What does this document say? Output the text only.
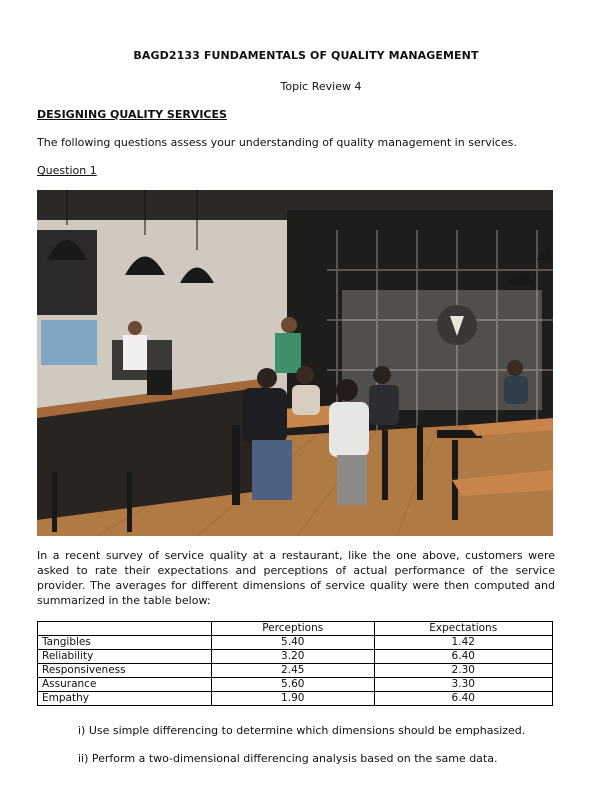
BAGD2133 FUNDAMENTALS OF QUALITY MANAGEMENT
Topic Review 4
DESIGNING QUALITY SERVICES
The following questions assess your understanding of quality management in services.
Question 1
In a recent survey of service quality at a restaurant, like the one above, customers were asked to rate their expectations and perceptions of actual performance of the service provider. The averages for different dimensions of service quality were then computed and summarized in the table below:
	Perceptions	Expectations
Tangibles	5.40	1.42
Reliability	3.20	6.40
Responsiveness	2.45	2.30
Assurance	5.60	3.30
Empathy	1.90	6.40
i) Use simple differencing to determine which dimensions should be emphasized.
ii) Perform a two-dimensional differencing analysis based on the same data.
